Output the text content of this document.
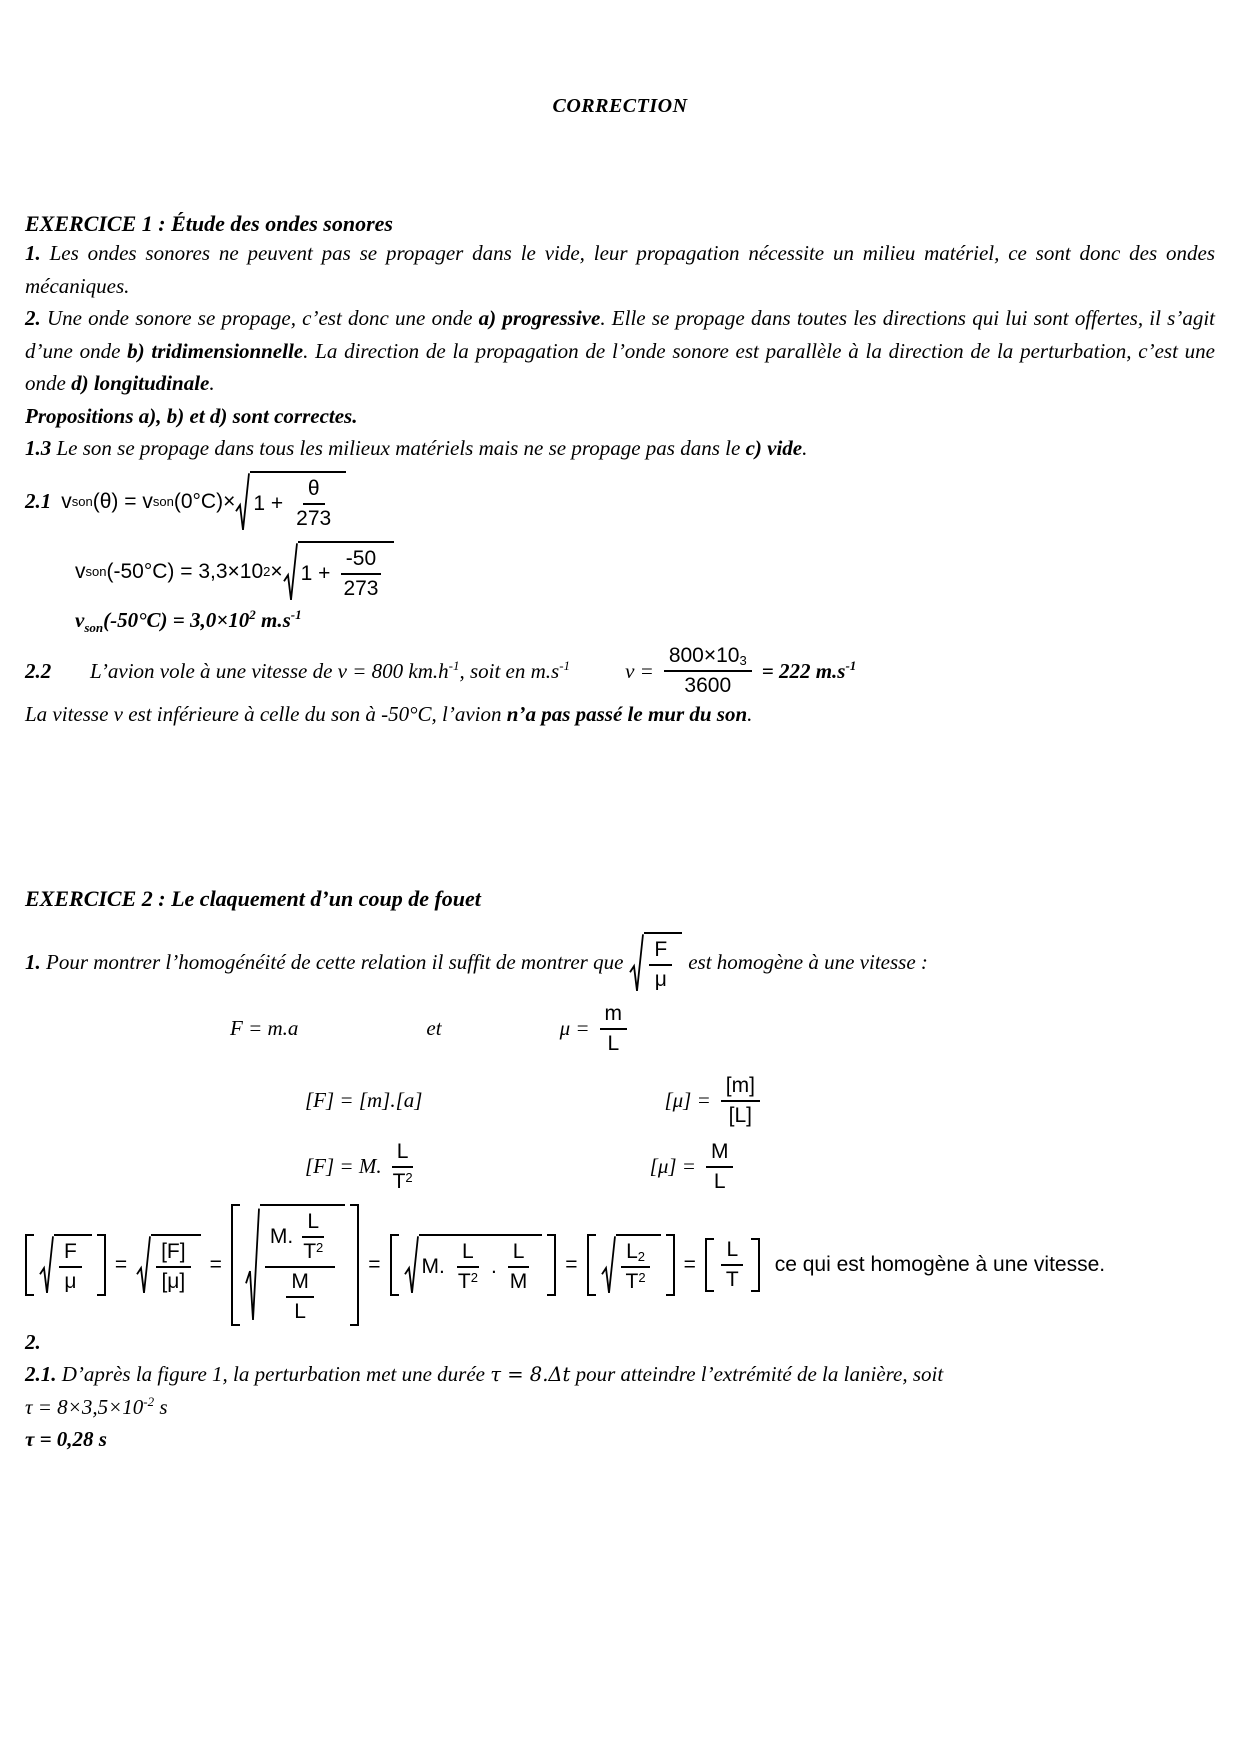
CORRECTION
EXERCICE 1 : Étude des ondes sonores

1. Les ondes sonores ne peuvent pas se propager dans le vide, leur propagation nécessite un milieu matériel, ce sont donc des ondes mécaniques.

2. Une onde sonore se propage, c’est donc une onde a) progressive. Elle se propage dans toutes les directions qui lui sont offertes, il s’agit d’une onde b) tridimensionnelle. La direction de la propagation de l’onde sonore est parallèle à la direction de la perturbation, c’est une onde d) longitudinale.

Propositions a), b) et d) sont correctes.

1.3 Le son se propage dans tous les milieux matériels mais ne se propage pas dans le c) vide.

2.1 v son (θ) = v son $(0^\circ C)\times 1 + \frac{\theta}{273}$
v son (-50°C) = 3,3×10 $2 \times 1 + \frac{-50}{273}$
$v_{son}(-50^\circ C) = 3,0\times 10^2$ $m.s^{-1}$
2.2	L’avion vole à une vitesse de v = 800 $km.h^{-1}$, soit en $m.s^{-1}$	$v = \frac{800\times 10_3}{3600} = 222$ $m.s^{-1}$

La vitesse v est inférieure à celle du son à -50°C, l’avion n’a pas passé le mur du son.

EXERCICE 2 : Le claquement d’un coup de fouet
1. Pour montrer l’homogénéité de cette relation il suffit de montrer que $\frac{F}{\mu}$ est homogène à une vitesse :
F = m.a	et	$\mu = \frac{m}{L}$
[F] = [m].[a]	$[\mu] = \frac{[m]}{[L]}$
[F] = M. $\frac{L}{T^2}$	$[\mu] = \frac{M}{L}$
$\frac{F}{\mu} = \frac{[F]}{[\mu]} = \frac{M. \frac{L}{T^2}}{\frac{M}{L}} = M$. $\frac{L}{T^2}$ . $\frac{L}{M} = \frac{L_2}{T^2} = \frac{L}{T}$ ce qui est homogène à une vitesse.

2.

2.1. D’après la figure 1, la perturbation met une durée τ = 8.Δt pour atteindre l’extrémité de la lanière, soit

$\tau = 8\times 3,5\times 10^{-2}$ s

τ = 0,28 s
